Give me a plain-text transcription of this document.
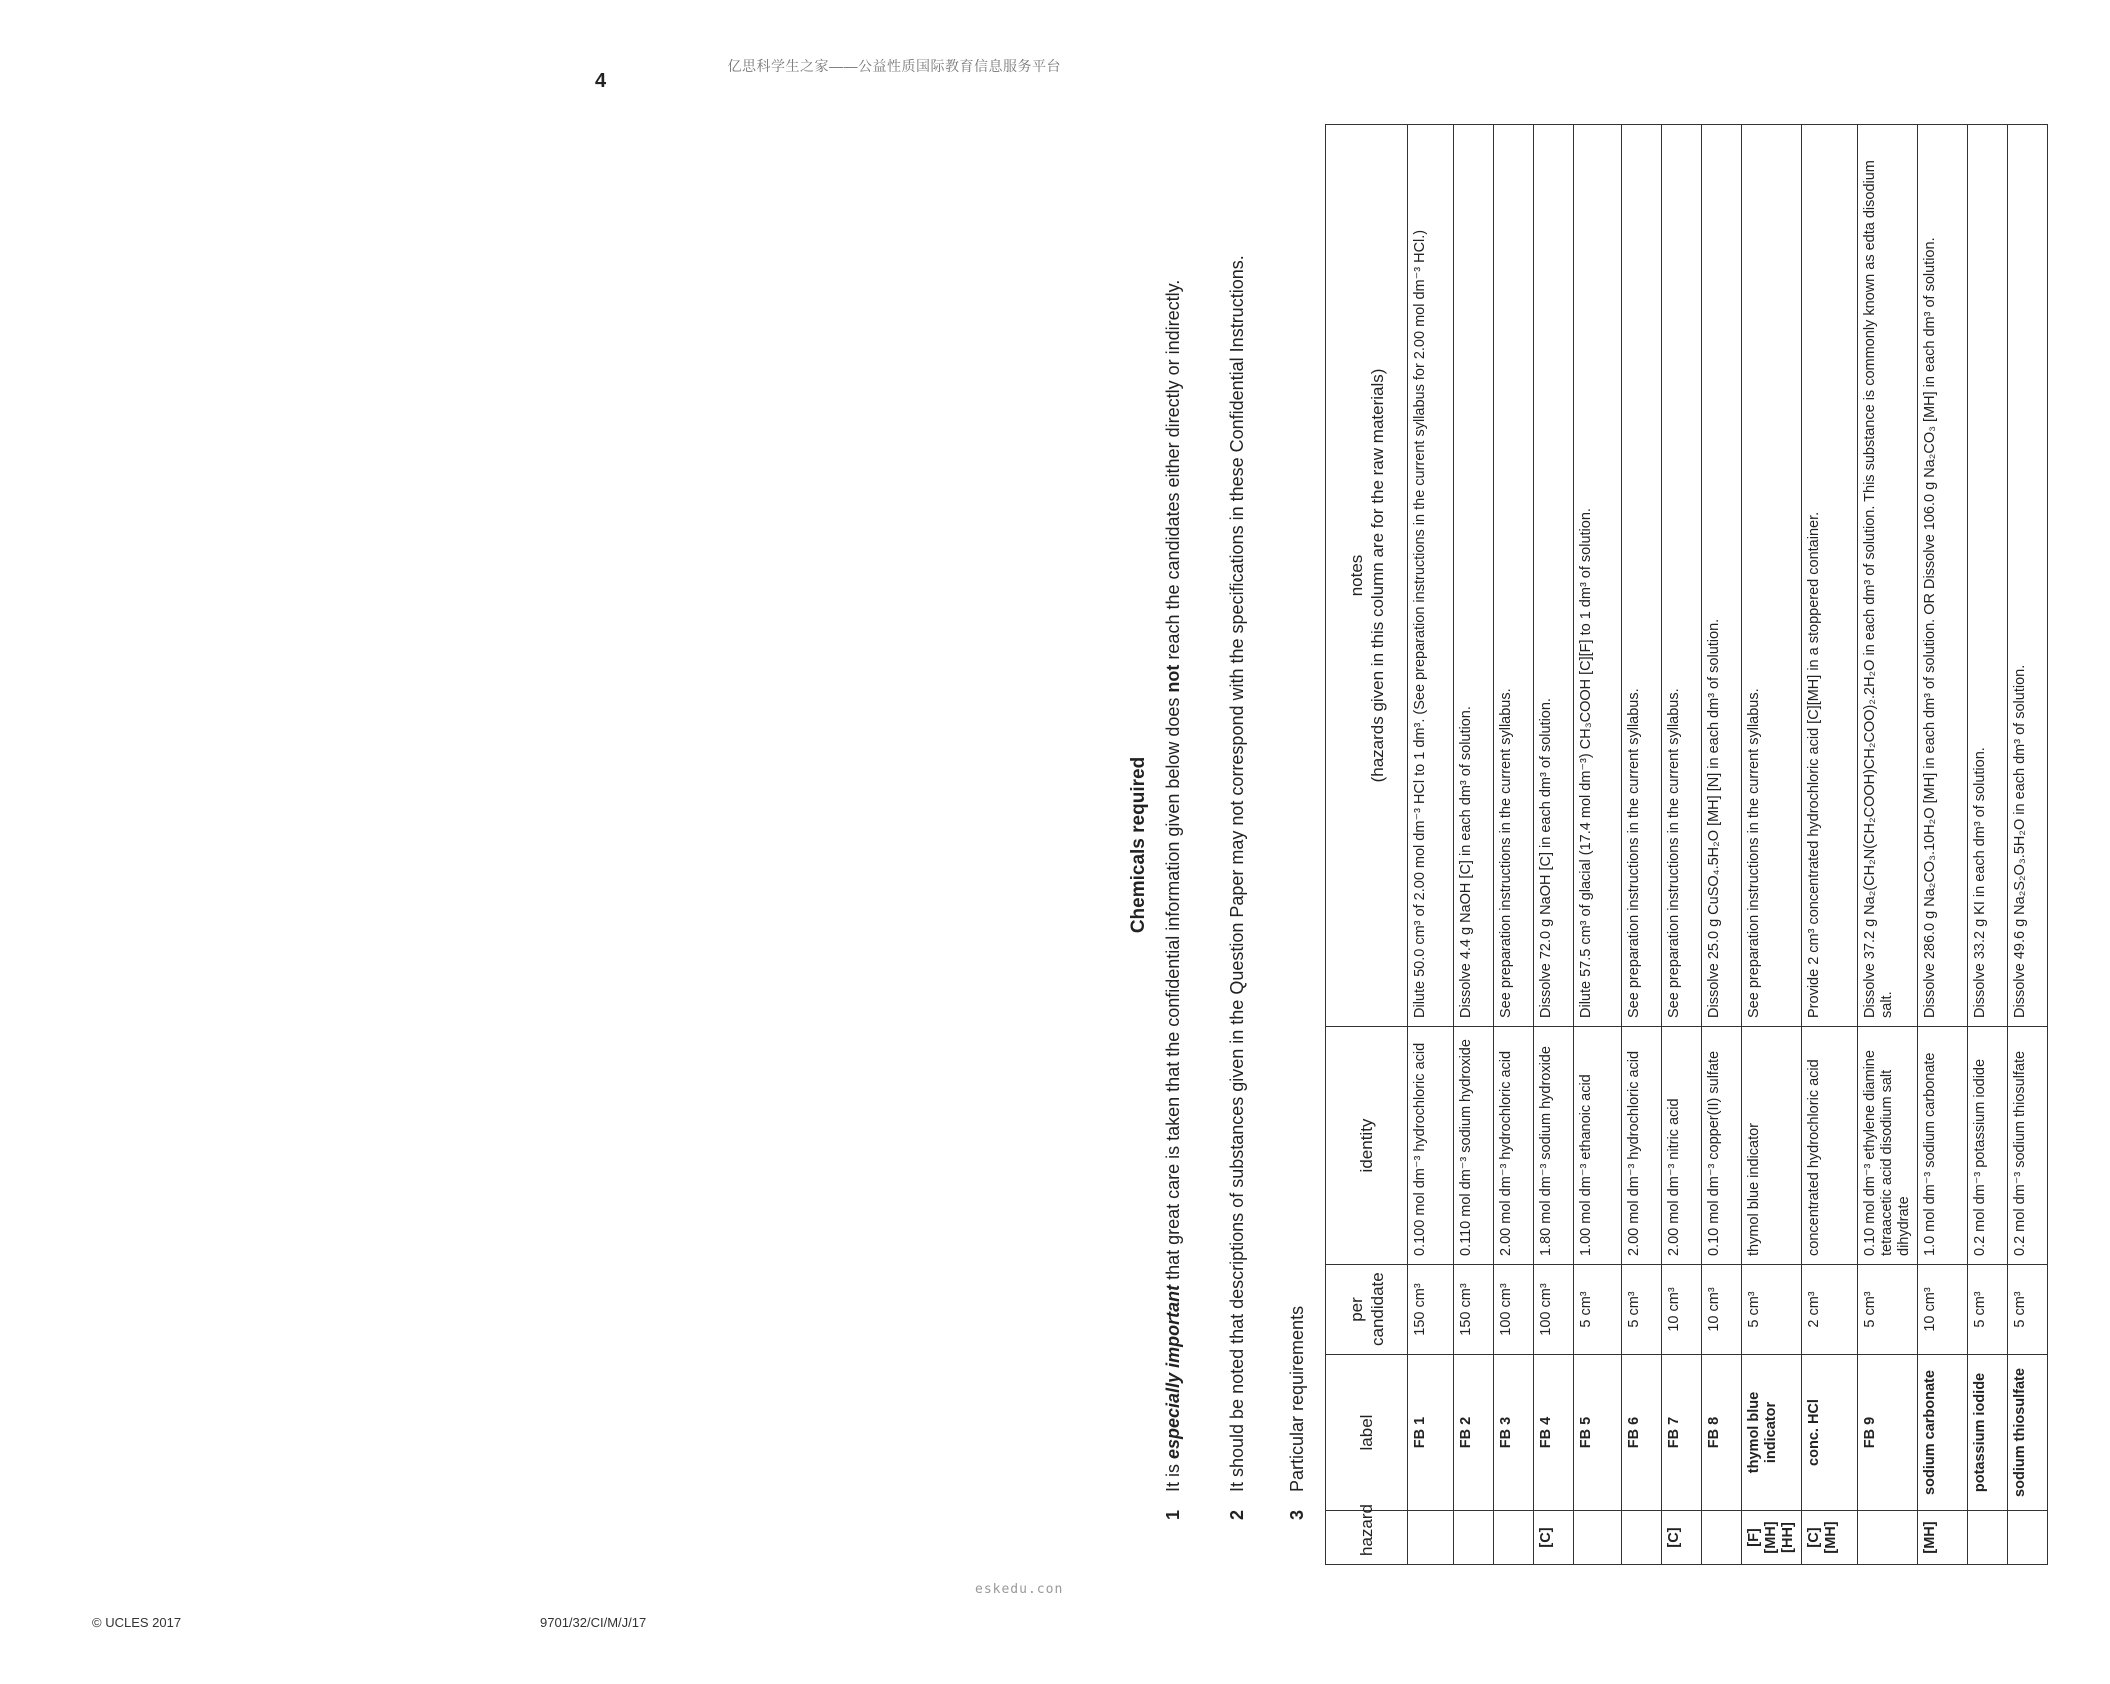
亿思科学生之家——公益性质国际教育信息服务平台
4
Chemicals required
1
It is especially important that great care is taken that the confidential information given below does not reach the candidates either directly or indirectly.
2
It should be noted that descriptions of substances given in the Question Paper may not correspond with the specifications in these Confidential Instructions.
3
Particular requirements
hazard	label	per candidate	identity	notes (hazards given in this column are for the raw materials)

	FB 1	150 cm³	0.100 mol dm⁻³ hydrochloric acid	Dilute 50.0 cm³ of 2.00 mol dm⁻³ HCl to 1 dm³. (See preparation instructions in the current syllabus for 2.00 mol dm⁻³ HCl.)
	FB 2	150 cm³	0.110 mol dm⁻³ sodium hydroxide	Dissolve 4.4 g NaOH [C] in each dm³ of solution.
	FB 3	100 cm³	2.00 mol dm⁻³ hydrochloric acid	See preparation instructions in the current syllabus.
[C]	FB 4	100 cm³	1.80 mol dm⁻³ sodium hydroxide	Dissolve 72.0 g NaOH [C] in each dm³ of solution.
	FB 5	5 cm³	1.00 mol dm⁻³ ethanoic acid	Dilute 57.5 cm³ of glacial (17.4 mol dm⁻³) CH₃COOH [C][F] to 1 dm³ of solution.
	FB 6	5 cm³	2.00 mol dm⁻³ hydrochloric acid	See preparation instructions in the current syllabus.
[C]	FB 7	10 cm³	2.00 mol dm⁻³ nitric acid	See preparation instructions in the current syllabus.
	FB 8	10 cm³	0.10 mol dm⁻³ copper(II) sulfate	Dissolve 25.0 g CuSO₄.5H₂O [MH] [N] in each dm³ of solution.
[F][MH] [HH]	thymol blue indicator	5 cm³	thymol blue indicator	See preparation instructions in the current syllabus.
[C][MH]	conc. HCl	2 cm³	concentrated hydrochloric acid	Provide 2 cm³ concentrated hydrochloric acid [C][MH] in a stoppered container.
	FB 9	5 cm³	0.10 mol dm⁻³ ethylene diamine tetraacetic acid disodium salt dihydrate	Dissolve 37.2 g Na₂(CH₂N(CH₂COOH)CH₂COO)₂.2H₂O in each dm³ of solution. This substance is commonly known as edta disodium salt.
[MH]	sodium carbonate	10 cm³	1.0 mol dm⁻³ sodium carbonate	Dissolve 286.0 g Na₂CO₃.10H₂O [MH] in each dm³ of solution. OR Dissolve 106.0 g Na₂CO₃ [MH] in each dm³ of solution.
	potassium iodide	5 cm³	0.2 mol dm⁻³ potassium iodide	Dissolve 33.2 g KI in each dm³ of solution.
	sodium thiosulfate	5 cm³	0.2 mol dm⁻³ sodium thiosulfate	Dissolve 49.6 g Na₂S₂O₃.5H₂O in each dm³ of solution.
© UCLES 2017	9701/32/CI/M/J/17
eskedu.con
